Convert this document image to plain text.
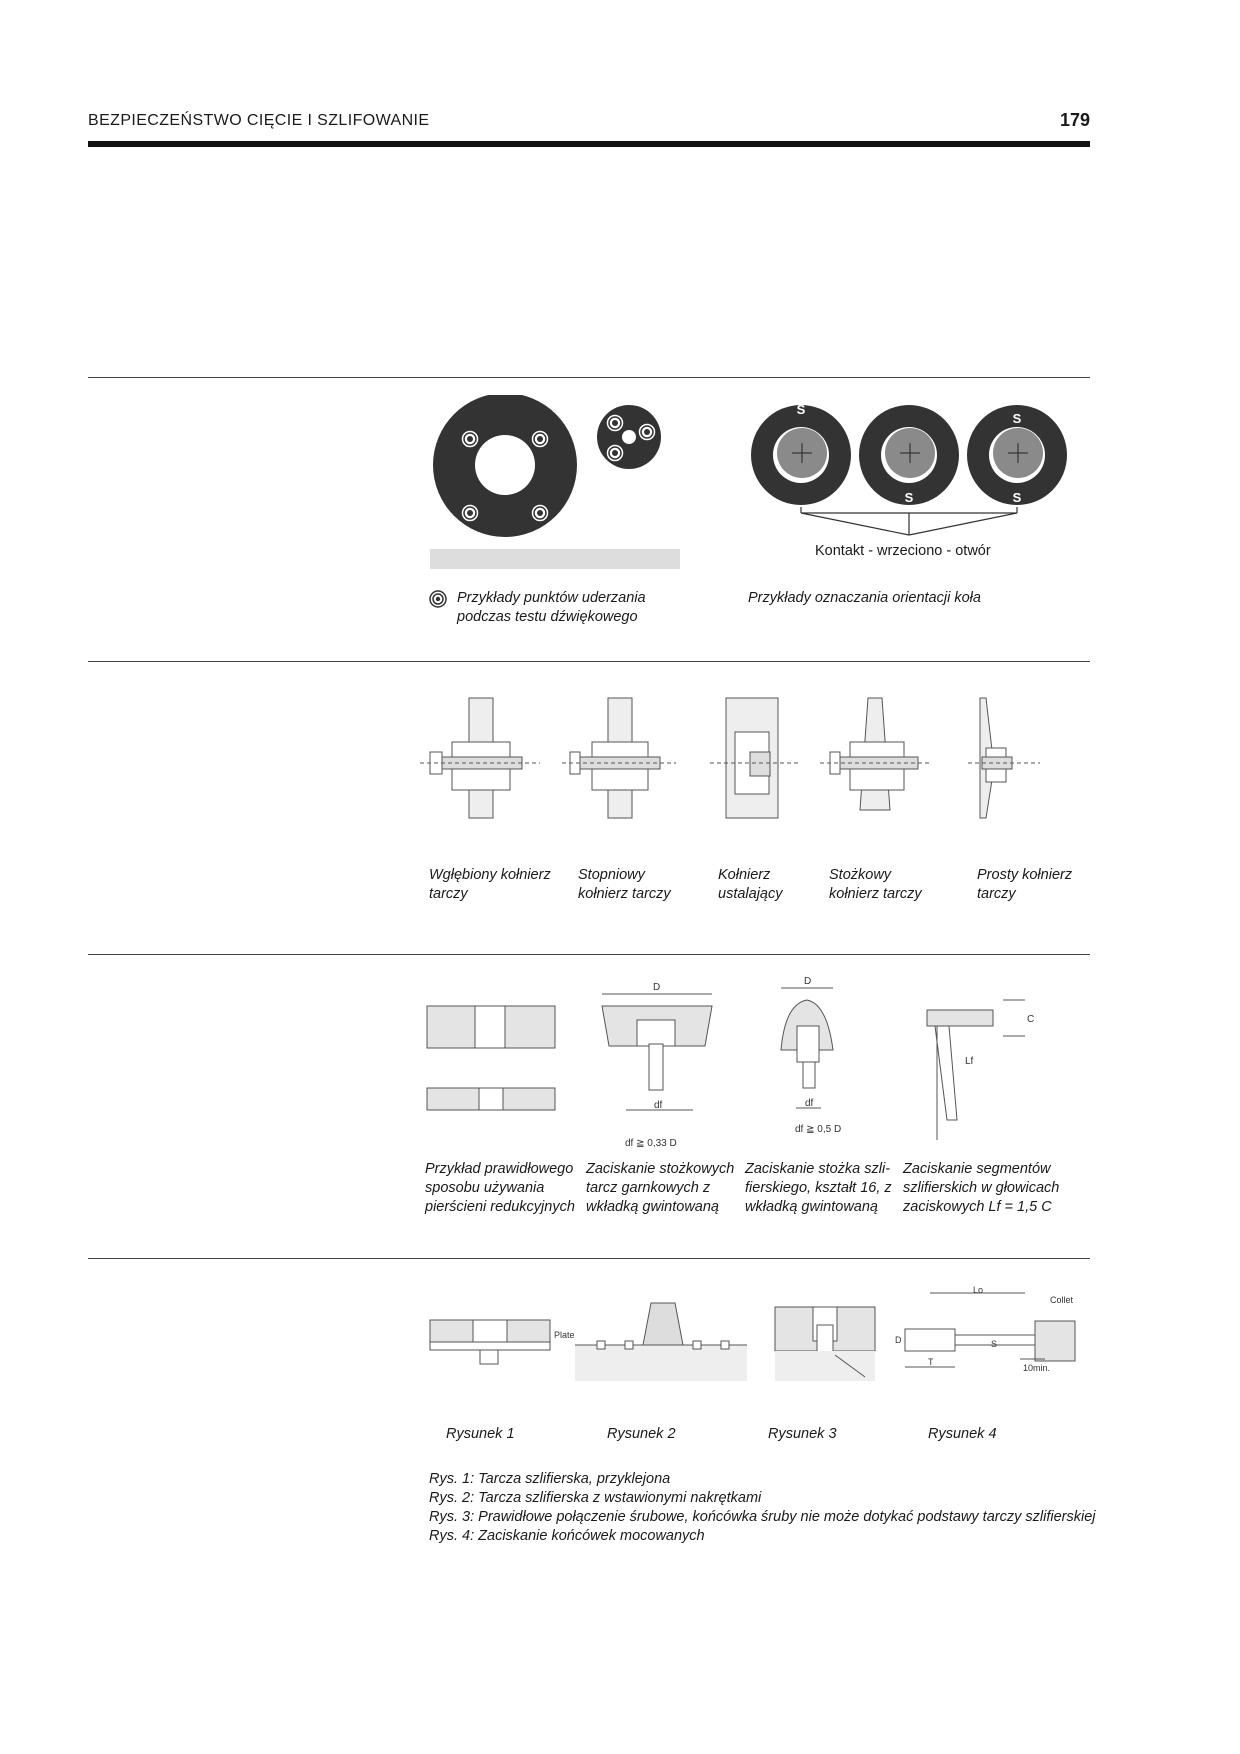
BEZPIECZEŃSTWO CIĘCIE I SZLIFOWANIE	179
S
S
S
S
Kontakt - wrzeciono - otwór
Przykłady punktów uderzania
podczas testu dźwiękowego
Przykłady oznaczania orientacji koła
Wgłębiony kołnierz
tarczy
Stopniowy
kołnierz tarczy
Kołnierz
ustalający
Stożkowy
kołnierz tarczy
Prosty kołnierz
tarczy
D
df
df ≧ 0,33 D
D
df
df ≧ 0,5 D
C
Lf
Przykład prawidłowego
sposobu używania
pierścieni redukcyjnych
Zaciskanie stożkowych
tarcz garnkowych z
wkładką gwintowaną
Zaciskanie stożka szli-
fierskiego, kształt 16, z
wkładką gwintowaną
Zaciskanie segmentów
szlifierskich w głowicach
zaciskowych Lf = 1,5 C
Plate
Lo
Collet
D	S
T
10min.
Rysunek 1	Rysunek 2	Rysunek 3	Rysunek 4
Rys. 1: Tarcza szlifierska, przyklejona
Rys. 2: Tarcza szlifierska z wstawionymi nakrętkami
Rys. 3: Prawidłowe połączenie śrubowe, końcówka śruby nie może dotykać podstawy tarczy szlifierskiej
Rys. 4: Zaciskanie końcówek mocowanych
